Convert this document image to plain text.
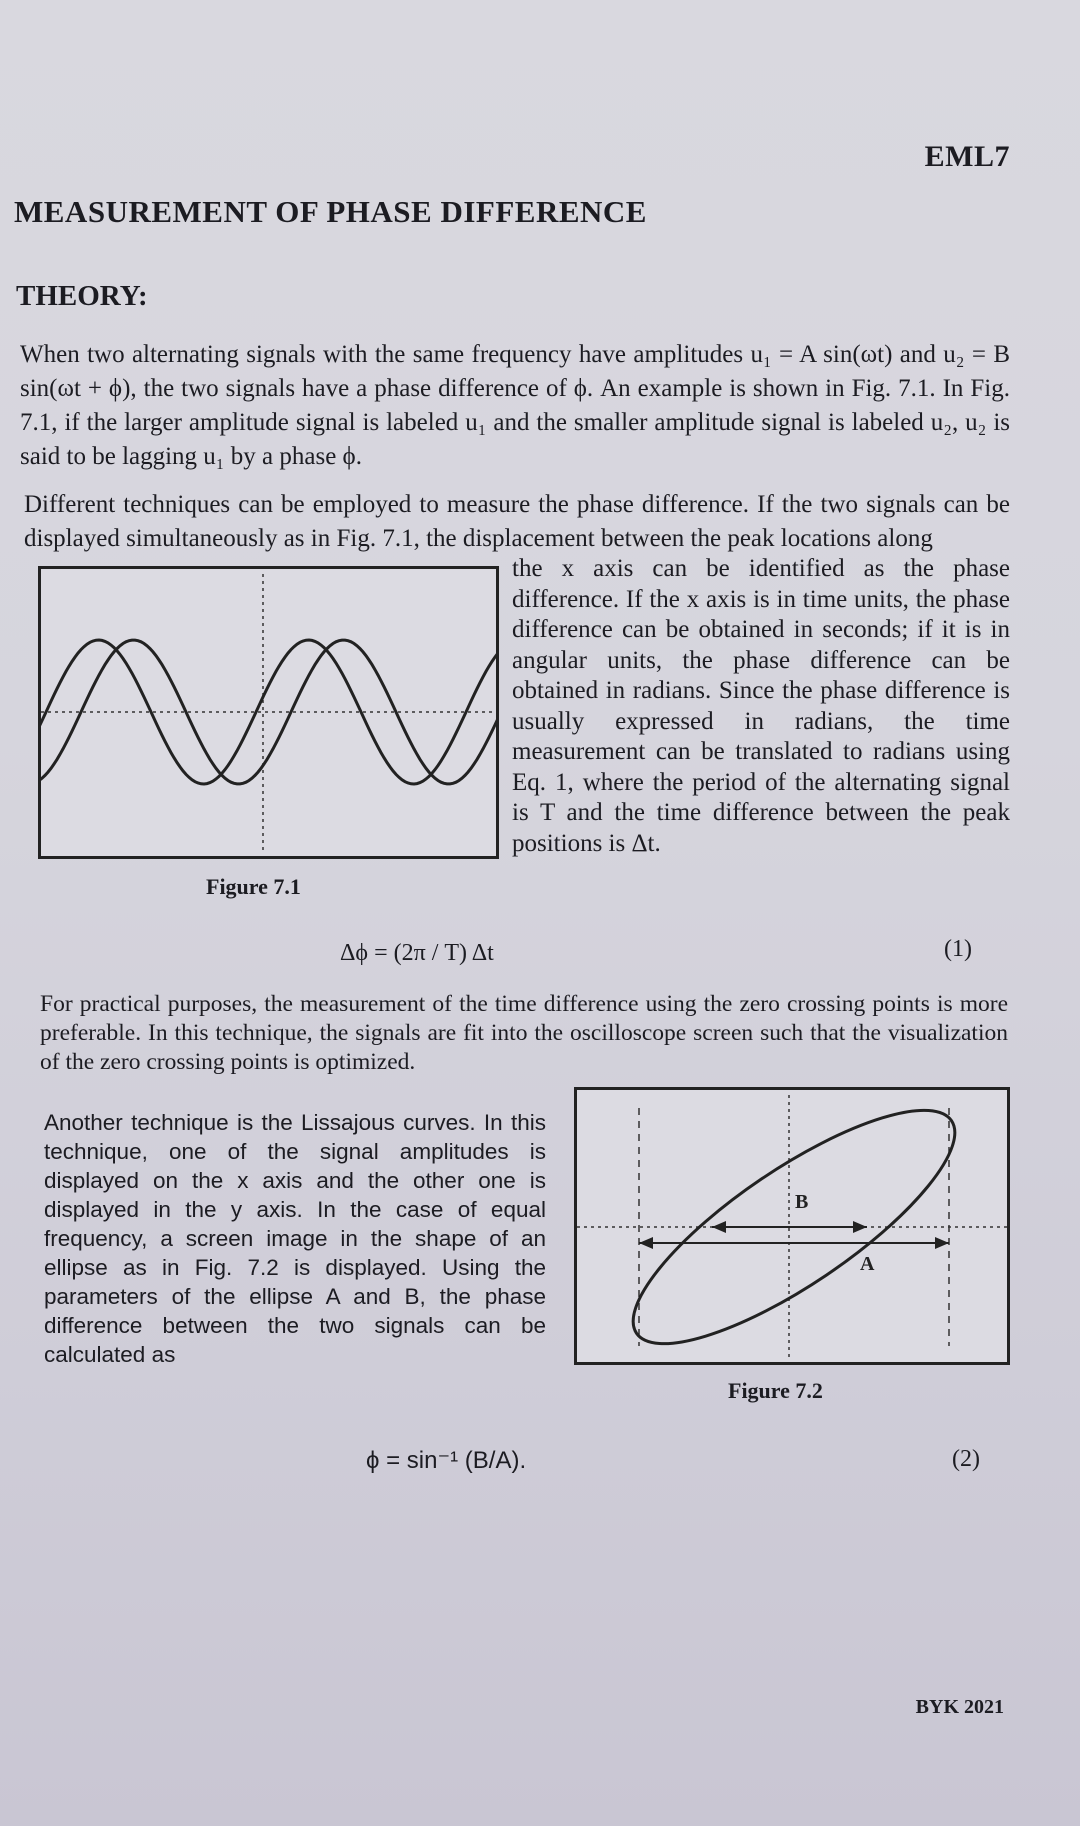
EML7
MEASUREMENT OF PHASE DIFFERENCE
THEORY:
When two alternating signals with the same frequency have amplitudes u₁ = A sin(ωt) and u₂ = B sin(ωt + ϕ), the two signals have a phase difference of ϕ. An example is shown in Fig. 7.1. In Fig. 7.1, if the larger amplitude signal is labeled u₁ and the smaller amplitude signal is labeled u₂, u₂ is said to be lagging u₁ by a phase ϕ.
Different techniques can be employed to measure the phase difference. If the two signals can be displayed simultaneously as in Fig. 7.1, the displacement between the peak locations along
the x axis can be identified as the phase difference. If the x axis is in time units, the phase difference can be obtained in seconds; if it is in angular units, the phase difference can be obtained in radians. Since the phase difference is usually expressed in radians, the time measurement can be translated to radians using Eq. 1, where the period of the alternating signal is T and the time difference between the peak positions is Δt.
Figure 7.1
Δϕ = (2π / T) Δt	(1)
For practical purposes, the measurement of the time difference using the zero crossing points is more preferable. In this technique, the signals are fit into the oscilloscope screen such that the visualization of the zero crossing points is optimized.
Another technique is the Lissajous curves. In this technique, one of the signal amplitudes is displayed on the x axis and the other one is displayed in the y axis. In the case of equal frequency, a screen image in the shape of an ellipse as in Fig. 7.2 is displayed. Using the parameters of the ellipse A and B, the phase difference between the two signals can be calculated as
B
A
Figure 7.2
ϕ = sin⁻¹ (B/A).	(2)
BYK 2021
